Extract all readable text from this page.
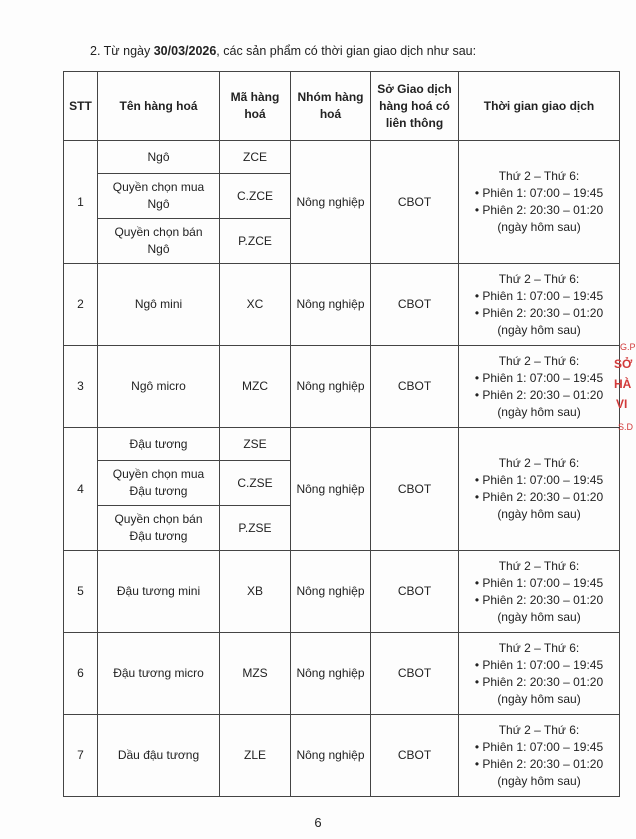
2. Từ ngày 30/03/2026, các sản phẩm có thời gian giao dịch như sau:
STT	Tên hàng hoá	Mã hàng hoá	Nhóm hàng hoá	Sở Giao dịch hàng hoá có liên thông	Thời gian giao dịch
1	Ngô	ZCE	Nông nghiệp	CBOT	Thứ 2 – Thứ 6:
• Phiên 1: 07:00 – 19:45
• Phiên 2: 20:30 – 01:20
(ngày hôm sau)

	Quyền chọn mua Ngô	C.ZCE			
	Quyền chọn bán Ngô	P.ZCE			
2	Ngô mini	XC	Nông nghiệp	CBOT	Thứ 2 – Thứ 6:
• Phiên 1: 07:00 – 19:45
• Phiên 2: 20:30 – 01:20
(ngày hôm sau)

3	Ngô micro	MZC	Nông nghiệp	CBOT	Thứ 2 – Thứ 6:
• Phiên 1: 07:00 – 19:45
• Phiên 2: 20:30 – 01:20
(ngày hôm sau)

4	Đậu tương	ZSE	Nông nghiệp	CBOT	Thứ 2 – Thứ 6:
• Phiên 1: 07:00 – 19:45
• Phiên 2: 20:30 – 01:20
(ngày hôm sau)

	Quyền chọn mua Đậu tương	C.ZSE			
	Quyền chọn bán Đậu tương	P.ZSE			
5	Đậu tương mini	XB	Nông nghiệp	CBOT	Thứ 2 – Thứ 6:
• Phiên 1: 07:00 – 19:45
• Phiên 2: 20:30 – 01:20
(ngày hôm sau)

6	Đậu tương micro	MZS	Nông nghiệp	CBOT	Thứ 2 – Thứ 6:
• Phiên 1: 07:00 – 19:45
• Phiên 2: 20:30 – 01:20
(ngày hôm sau)

7	Dầu đậu tương	ZLE	Nông nghiệp	CBOT	Thứ 2 – Thứ 6:
• Phiên 1: 07:00 – 19:45
• Phiên 2: 20:30 – 01:20
(ngày hôm sau)
G.P
SỞ
HÀ
VI
S.D
6
